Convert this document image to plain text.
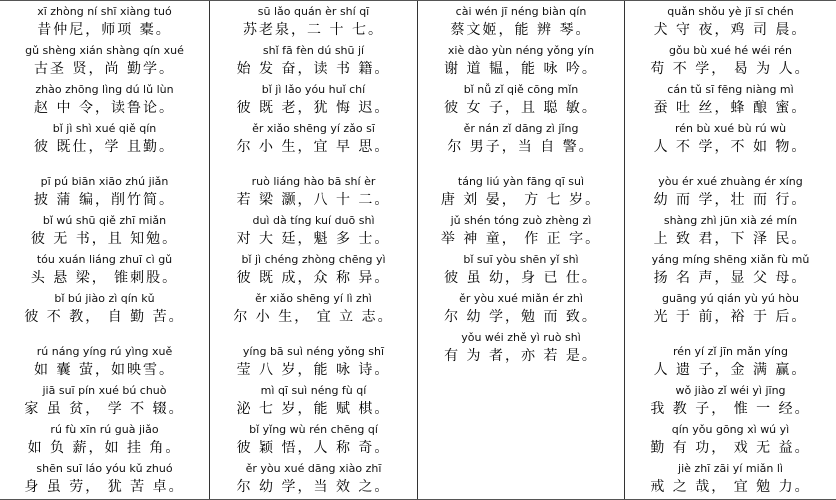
xī zhòng ní shī xiàng tuó
昔仲尼，师项 橐。
gǔ shèng xián shàng qín xué
古圣 贤，尚 勤学。
zhào zhōng lìng dú lǔ lùn
赵 中 令，读鲁论。
bǐ jì shì xué qiě qín
彼 既仕，学 且勤。
pī pú biān xiāo zhú jiǎn
披 蒲 编，削竹简。
bǐ wú shū qiě zhī miǎn
彼 无 书，且 知勉。
tóu xuán liáng zhuī cì gǔ
头 悬 梁， 锥刺股。
bǐ bú jiào zì qín kǔ
彼 不 教， 自 勤 苦。
rú náng yíng rú yìng xuě
如 囊 萤，如映雪。
jiā suī pín xué bú chuò
家 虽 贫， 学 不 辍。
rú fù xīn rú guà jiǎo
如 负 薪，如 挂 角。
shēn suī láo yóu kǔ zhuó
身 虽 劳， 犹 苦 卓。
sū lǎo quán èr shí qī
苏老泉，二 十 七。
shǐ fā fèn dú shū jí
始 发 奋，读 书 籍。
bǐ jì lǎo yóu huǐ chí
彼 既 老，犹 悔 迟。
ěr xiǎo shēng yí zǎo sī
尔 小 生，宜 早 思。
ruò liáng hào bā shí èr
若 梁 灏，八 十 二。
duì dà tíng kuí duō shì
对 大 廷，魁 多 士。
bǐ jì chéng zhòng chēng yì
彼 既 成，众 称 异。
ěr xiǎo shēng yí lì zhì
尔 小 生， 宜 立 志。
yíng bā suì néng yǒng shī
莹 八 岁，能 咏 诗。
mì qī suì néng fù qí
泌 七 岁，能 赋 棋。
bǐ yǐng wù rén chēng qí
彼 颖 悟，人 称 奇。
ěr yòu xué dāng xiào zhī
尔 幼 学，当 效 之。
cài wén jī néng biàn qín
蔡文姬，能 辨 琴。
xiè dào yùn néng yǒng yín
谢 道 韫，能 咏 吟。
bǐ nǚ zǐ qiě cōng mǐn
彼 女 子，且 聪 敏。
ěr nán zǐ dāng zì jǐng
尔 男子，当 自 警。
táng liú yàn fāng qī suì
唐 刘 晏， 方 七 岁。
jǔ shén tóng zuò zhèng zì
举 神 童， 作 正 字。
bǐ suī yòu shēn yǐ shì
彼 虽 幼，身 已 仕。
ěr yòu xué miǎn ér zhì
尔 幼 学，勉 而 致。
yǒu wéi zhě yì ruò shì
有 为 者，亦 若 是。
quǎn shǒu yè jī sī chén
犬 守 夜，鸡 司 晨。
gǒu bù xué hé wéi rén
苟 不 学， 曷 为 人。
cán tǔ sī fēng niàng mì
蚕 吐 丝，蜂 酿 蜜。
rén bù xué bù rú wù
人 不 学，不 如 物。
yòu ér xué zhuàng ér xíng
幼 而 学，壮 而 行。
shàng zhì jūn xià zé mín
上 致 君，下 泽 民。
yáng míng shēng xiǎn fù mǔ
扬 名 声，显 父 母。
guāng yú qián yù yú hòu
光 于 前，裕 于 后。
rén yí zǐ jīn mǎn yíng
人 遗 子，金 满 赢。
wǒ jiào zǐ wéi yì jīng
我 教 子， 惟 一 经。
qín yǒu gōng xì wú yì
勤 有 功， 戏 无 益。
jiè zhī zāi yí miǎn lì
戒 之 哉， 宜 勉 力。
